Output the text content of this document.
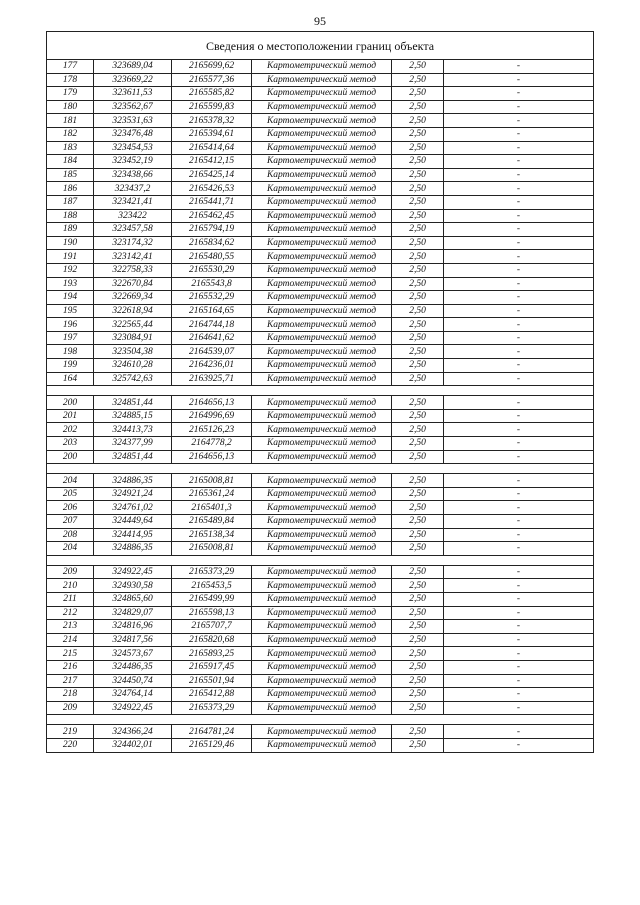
95
Сведения о местоположении границ объекта					
177	323689,04	2165699,62	Картометрический метод	2,50	-
178	323669,22	2165577,36	Картометрический метод	2,50	-
179	323611,53	2165585,82	Картометрический метод	2,50	-
180	323562,67	2165599,83	Картометрический метод	2,50	-
181	323531,63	2165378,32	Картометрический метод	2,50	-
182	323476,48	2165394,61	Картометрический метод	2,50	-
183	323454,53	2165414,64	Картометрический метод	2,50	-
184	323452,19	2165412,15	Картометрический метод	2,50	-
185	323438,66	2165425,14	Картометрический метод	2,50	-
186	323437,2	2165426,53	Картометрический метод	2,50	-
187	323421,41	2165441,71	Картометрический метод	2,50	-
188	323422	2165462,45	Картометрический метод	2,50	-
189	323457,58	2165794,19	Картометрический метод	2,50	-
190	323174,32	2165834,62	Картометрический метод	2,50	-
191	323142,41	2165480,55	Картометрический метод	2,50	-
192	322758,33	2165530,29	Картометрический метод	2,50	-
193	322670,84	2165543,8	Картометрический метод	2,50	-
194	322669,34	2165532,29	Картометрический метод	2,50	-
195	322618,94	2165164,65	Картометрический метод	2,50	-
196	322565,44	2164744,18	Картометрический метод	2,50	-
197	323084,91	2164641,62	Картометрический метод	2,50	-
198	323504,38	2164539,07	Картометрический метод	2,50	-
199	324610,28	2164236,01	Картометрический метод	2,50	-
164	325742,63	2163925,71	Картометрический метод	2,50	-

200	324851,44	2164656,13	Картометрический метод	2,50	-
201	324885,15	2164996,69	Картометрический метод	2,50	-
202	324413,73	2165126,23	Картометрический метод	2,50	-
203	324377,99	2164778,2	Картометрический метод	2,50	-
200	324851,44	2164656,13	Картометрический метод	2,50	-

204	324886,35	2165008,81	Картометрический метод	2,50	-
205	324921,24	2165361,24	Картометрический метод	2,50	-
206	324761,02	2165401,3	Картометрический метод	2,50	-
207	324449,64	2165489,84	Картометрический метод	2,50	-
208	324414,95	2165138,34	Картометрический метод	2,50	-
204	324886,35	2165008,81	Картометрический метод	2,50	-

209	324922,45	2165373,29	Картометрический метод	2,50	-
210	324930,58	2165453,5	Картометрический метод	2,50	-
211	324865,60	2165499,99	Картометрический метод	2,50	-
212	324829,07	2165598,13	Картометрический метод	2,50	-
213	324816,96	2165707,7	Картометрический метод	2,50	-
214	324817,56	2165820,68	Картометрический метод	2,50	-
215	324573,67	2165893,25	Картометрический метод	2,50	-
216	324486,35	2165917,45	Картометрический метод	2,50	-
217	324450,74	2165501,94	Картометрический метод	2,50	-
218	324764,14	2165412,88	Картометрический метод	2,50	-
209	324922,45	2165373,29	Картометрический метод	2,50	-

219	324366,24	2164781,24	Картометрический метод	2,50	-
220	324402,01	2165129,46	Картометрический метод	2,50	-
